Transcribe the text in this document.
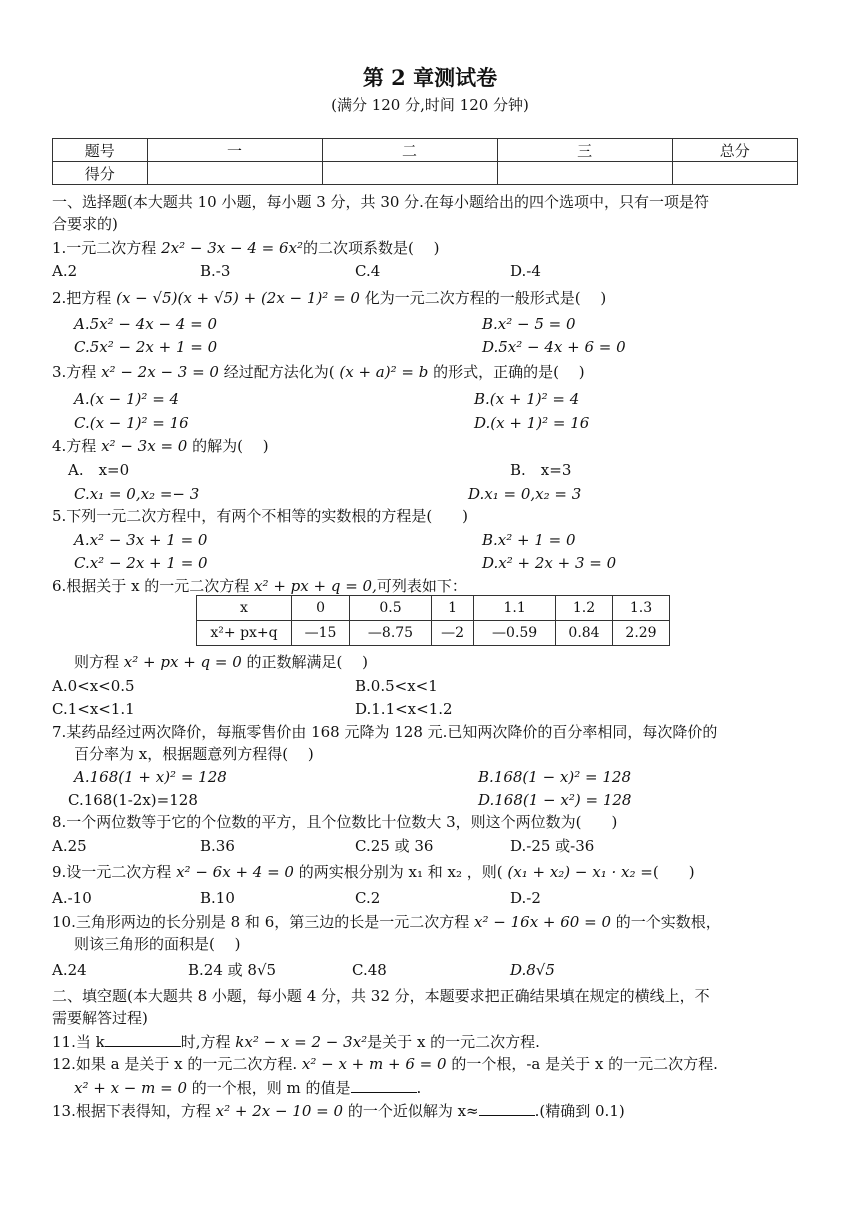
第 2 章测试卷
(满分 120 分,时间 120 分钟)
题号	一	二	三	总分
得分				
一、选择题(本大题共 10 小题，每小题 3 分，共 30 分.在每小题给出的四个选项中，只有一项是符
合要求的)
1.一元二次方程 2x² − 3x − 4 = 6x²的二次项系数是(　 )
A.2	B.-3	C.4	D.-4
2.把方程 (x − √5)(x + √5) + (2x − 1)² = 0 化为一元二次方程的一般形式是(　 )
A.5x² − 4x − 4 = 0	B.x² − 5 = 0
C.5x² − 2x + 1 = 0	D.5x² − 4x + 6 = 0
3.方程 x² − 2x − 3 = 0 经过配方法化为( (x + a)² = b 的形式，正确的是(　 )
A.(x − 1)² = 4	B.(x + 1)² = 4
C.(x − 1)² = 16	D.(x + 1)² = 16
4.方程 x² − 3x = 0 的解为(　 )
A.　x=0	B.　x=3
C.x₁ = 0,x₂ =− 3	D.x₁ = 0,x₂ = 3
5.下列一元二次方程中，有两个不相等的实数根的方程是(　　)
A.x² − 3x + 1 = 0	B.x² + 1 = 0
C.x² − 2x + 1 = 0	D.x² + 2x + 3 = 0
6.根据关于 x 的一元二次方程 x² + px + q = 0,可列表如下：
x	0	0.5	1	1.1	1.2	1.3
x²+ px+q	—15	—8.75	—2	—0.59	0.84	2.29
则方程 x² + px + q = 0 的正数解满足(　 )
A.0<x<0.5	B.0.5<x<1
C.1<x<1.1	D.1.1<x<1.2
7.某药品经过两次降价，每瓶零售价由 168 元降为 128 元.已知两次降价的百分率相同，每次降价的
百分率为 x，根据题意列方程得(　 )
A.168(1 + x)² = 128	B.168(1 − x)² = 128
C.168(1-2x)=128	D.168(1 − x²) = 128
8.一个两位数等于它的个位数的平方，且个位数比十位数大 3，则这个两位数为(　　)
A.25	B.36	C.25 或 36	D.-25 或-36
9.设一元二次方程 x² − 6x + 4 = 0 的两实根分别为 x₁ 和 x₂ ，则( (x₁ + x₂) − x₁ · x₂ =(　　)
A.-10	B.10	C.2	D.-2
10.三角形两边的长分别是 8 和 6，第三边的长是一元二次方程 x² − 16x + 60 = 0 的一个实数根，
则该三角形的面积是(　 )
A.24	B.24 或 8√5	C.48	D.8√5
二、填空题(本大题共 8 小题，每小题 4 分，共 32 分，本题要求把正确结果填在规定的横线上，不
需要解答过程)
11.当 k	时,方程 kx² − x = 2 − 3x²是关于 x 的一元二次方程.
12.如果 a 是关于 x 的一元二次方程. x² − x + m + 6 = 0 的一个根，-a 是关于 x 的一元二次方程.
x² + x − m = 0 的一个根，则 m 的值是	.
13.根据下表得知，方程 x² + 2x − 10 = 0 的一个近似解为 x≈	.(精确到 0.1)
